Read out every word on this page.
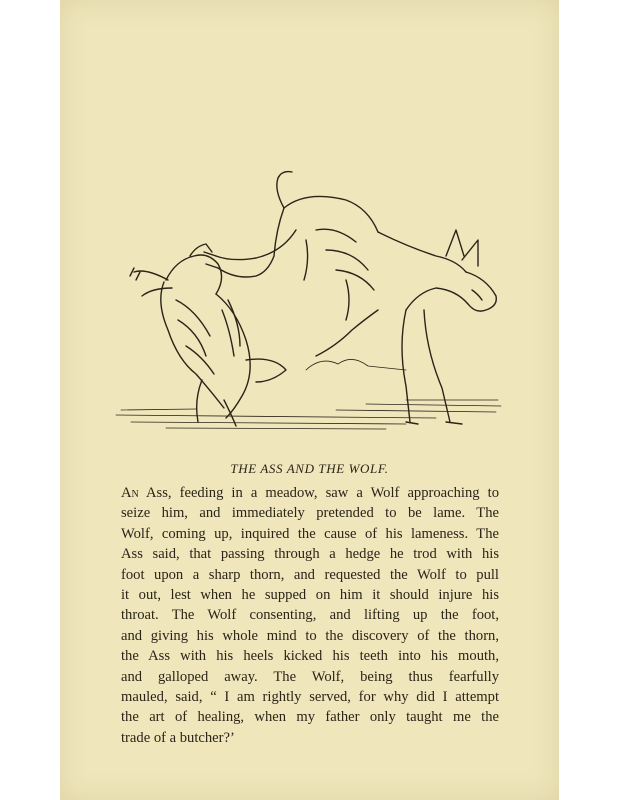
THE ASS AND THE WOLF.
An Ass, feeding in a meadow, saw a Wolf approaching to
seize him, and immediately pretended to be lame. The
Wolf, coming up, inquired the cause of his lameness. The
Ass said, that passing through a hedge he trod with his
foot upon a sharp thorn, and requested the Wolf to pull
it out, lest when he supped on him it should injure his
throat. The Wolf consenting, and lifting up the foot,
and giving his whole mind to the discovery of the thorn,
the Ass with his heels kicked his teeth into his mouth,
and galloped away. The Wolf, being thus fearfully
mauled, said, “ I am rightly served, for why did I attempt
the art of healing, when my father only taught me the
trade of a butcher?’
